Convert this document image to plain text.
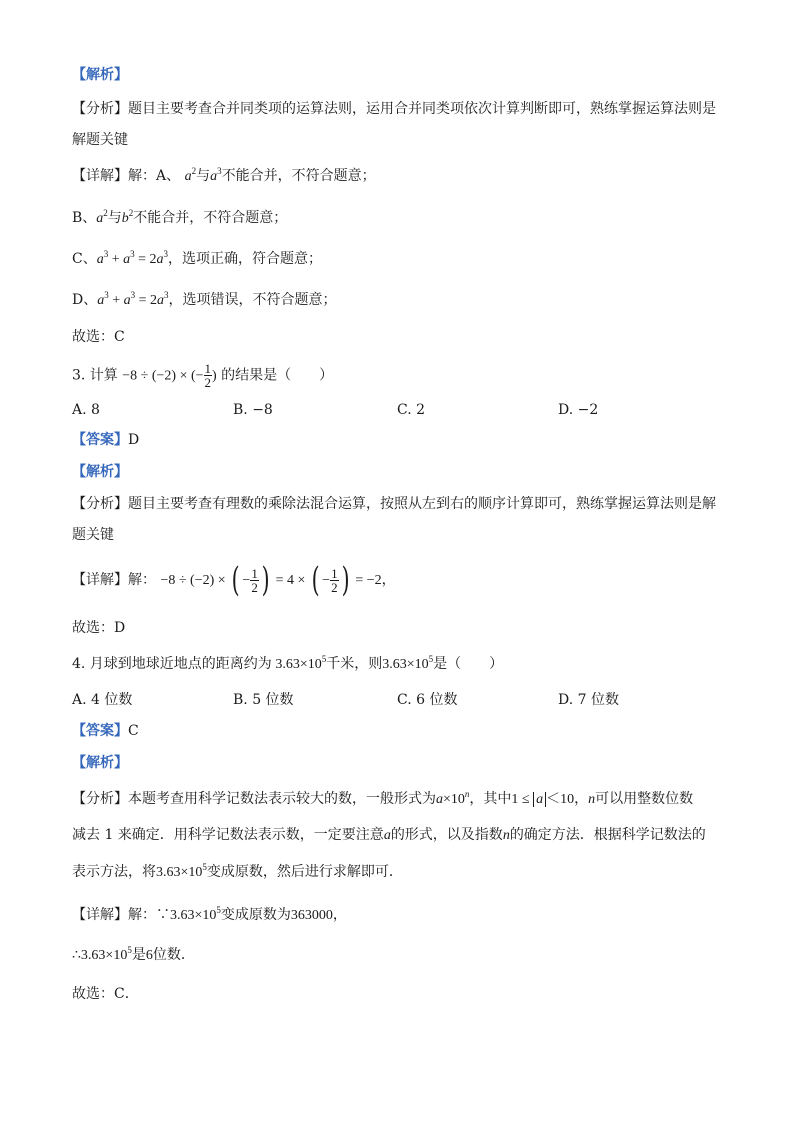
【解析】
【分析】题目主要考查合并同类项的运算法则，运用合并同类项依次计算判断即可，熟练掌握运算法则是
解题关键
【详解】解：A、 $a^2$与$a^3$不能合并，不符合题意；
B、$a^2$与$b^2$不能合并，不符合题意；
C、$a^3 + a^3 = 2a^3$，选项正确，符合题意；
D、$a^3 + a^3 = 2a^3$，选项错误，不符合题意；
故选：C
3. 计算 −8 ÷ (−2) × (− $\frac{1}{2}$ ) 的结果是（　　）
A. 8	B. −8	C. 2	D. −2
【答案】D
【解析】
【分析】题目主要考查有理数的乘除法混合运算，按照从左到右的顺序计算即可，熟练掌握运算法则是解
题关键
【详解】解： −8 ÷ (−2) × ( − $\frac{1}{2}$ ) = 4 × ( − $\frac{1}{2}$ ) = −2，
故选：D
4. 月球到地球近地点的距离约为 $3.63\times 10^5$千米，则$3.63\times 10^5$是（　　）
A. 4 位数	B. 5 位数	C. 6 位数	D. 7 位数
【答案】C
【解析】
【分析】本题考查用科学记数法表示较大的数，一般形式为$a\times 10^n$，其中1 ≤ a ＜10，n可以用整数位数
减去 1 来确定．用科学记数法表示数，一定要注意a的形式，以及指数n的确定方法．根据科学记数法的
表示方法，将$3.63\times 10^5$变成原数，然后进行求解即可．
【详解】解：$\because 3.63\times 10^5$变成原数为363000，
$\therefore 3.63\times 10^5$是6位数．
故选：C．
